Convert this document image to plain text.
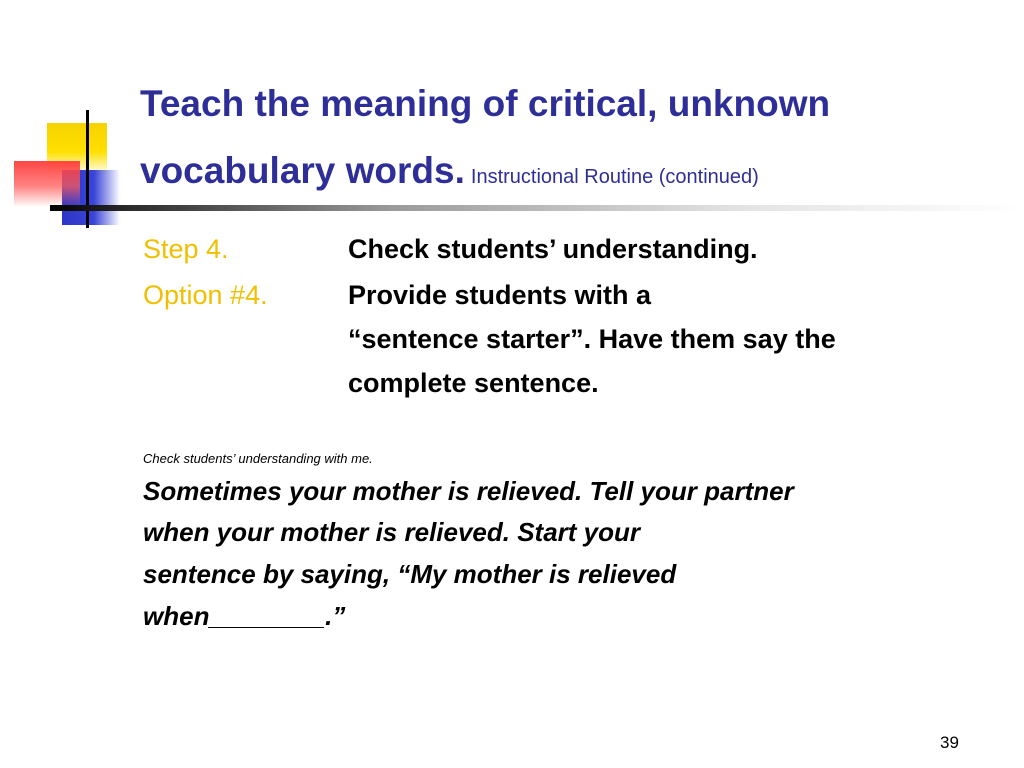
Teach the meaning of critical, unknown vocabulary words. Instructional Routine (continued)
Step 4.	Check students’ understanding.
Option #4.	Provide students with a
“sentence starter”. Have them say the
complete sentence.
Check students’ understanding with me.
Sometimes your mother is relieved. Tell your partner
when your mother is relieved. Start your
sentence by saying, “My mother is relieved
when________.”
39
